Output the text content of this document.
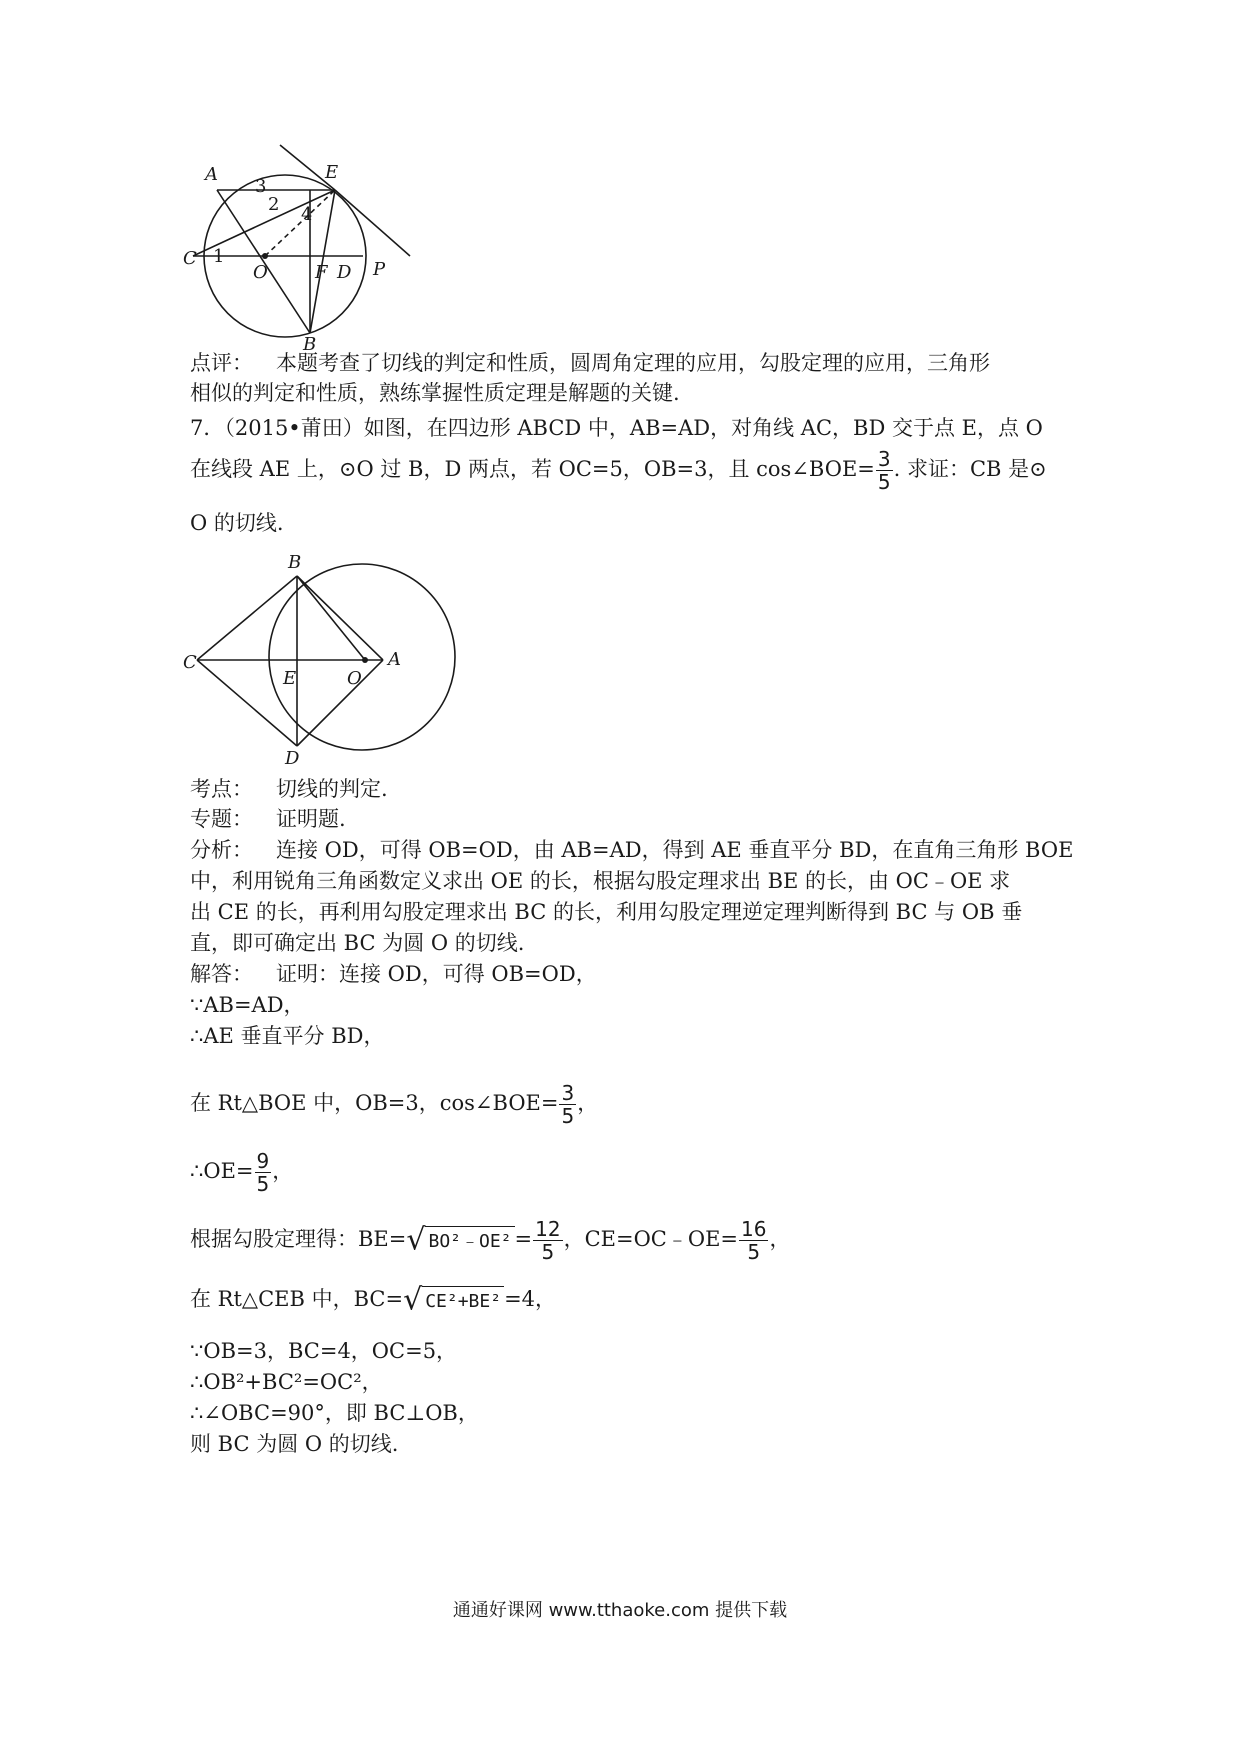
A	E
C
O	F D P
B
1
2
3
4
点评： 本题考查了切线的判定和性质，圆周角定理的应用，勾股定理的应用，三角形
相似的判定和性质，熟练掌握性质定理是解题的关键.
7．（2015•莆田）如图，在四边形 ABCD 中，AB=AD，对角线 AC，BD 交于点 E，点 O
在线段 AE 上，⊙O 过 B，D 两点，若 OC=5，OB=3，且 cos∠BOE= $\frac{3}{5}$ . 求证：CB 是⊙
O 的切线.
B
C
E	O
A
D
考点： 切线的判定.
专题： 证明题.
分析： 连接 OD，可得 OB=OD，由 AB=AD，得到 AE 垂直平分 BD，在直角三角形 BOE
中，利用锐角三角函数定义求出 OE 的长，根据勾股定理求出 BE 的长，由 OC﹣OE 求
出 CE 的长，再利用勾股定理求出 BC 的长，利用勾股定理逆定理判断得到 BC 与 OB 垂
直，即可确定出 BC 为圆 O 的切线.
解答： 证明：连接 OD，可得 OB=OD，
∵AB=AD，
∴AE 垂直平分 BD，
在 Rt△BOE 中，OB=3，cos∠BOE= $\frac{3}{5}$ ，
∴OE= $\frac{9}{5}$ ，
根据勾股定理得：BE=√ BO²﹣OE² = $\frac{12}{5}$ ，CE=OC﹣OE= $\frac{16}{5}$ ，
在 Rt△CEB 中，BC=√ CE²+BE² =4，
∵OB=3，BC=4，OC=5，
∴OB²+BC²=OC²，
∴∠OBC=90°，即 BC⊥OB，
则 BC 为圆 O 的切线.
通通好课网 www.tthaoke.com 提供下载
